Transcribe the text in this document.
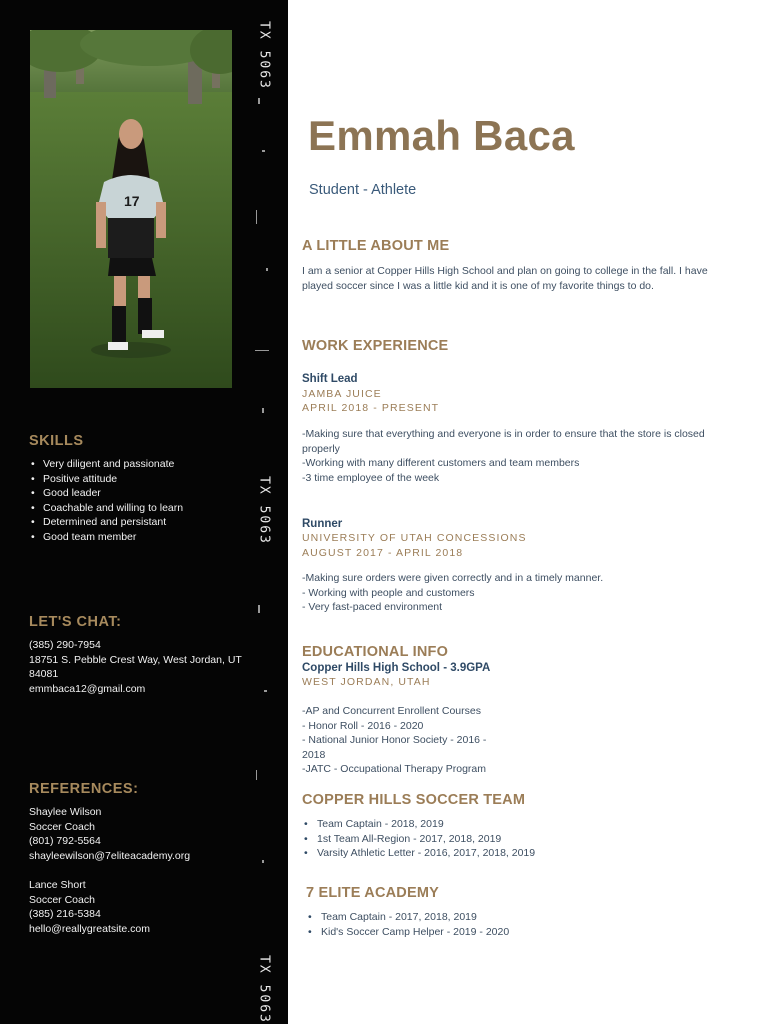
TX 5063
TX 5063
TX 5063
17
SKILLS
• Very diligent and passionate
• Positive attitude
• Good leader
• Coachable and willing to learn
• Determined and persistant
• Good team member
LET'S CHAT:
(385) 290-7954
18751 S. Pebble Crest Way, West Jordan, UT
84081
emmbaca12@gmail.com
REFERENCES:
Shaylee Wilson
Soccer Coach
(801) 792-5564
shayleewilson@7eliteacademy.org
Lance Short
Soccer Coach
(385) 216-5384
hello@reallygreatsite.com
Emmah Baca
Student - Athlete
A LITTLE ABOUT ME
I am a senior at Copper Hills High School and plan on going to college in the fall. I have played soccer since I was a little kid and it is one of my favorite things to do.
WORK EXPERIENCE
Shift Lead
JAMBA JUICE
APRIL 2018 - PRESENT
-Making sure that everything and everyone is in order to ensure that the store is closed properly
-Working with many different customers and team members
-3 time employee of the week
Runner
UNIVERSITY OF UTAH CONCESSIONS
AUGUST 2017 - APRIL 2018
-Making sure orders were given correctly and in a timely manner.
- Working with people and customers
- Very fast-paced environment
EDUCATIONAL INFO
Copper Hills High School - 3.9GPA
WEST JORDAN, UTAH
-AP and Concurrent Enrollent Courses
- Honor Roll - 2016 - 2020
- National Junior Honor Society - 2016 -
2018
-JATC - Occupational Therapy Program
COPPER HILLS SOCCER TEAM
• Team Captain - 2018, 2019
• 1st Team All-Region - 2017, 2018, 2019
• Varsity Athletic Letter - 2016, 2017, 2018, 2019
7 ELITE ACADEMY
• Team Captain - 2017, 2018, 2019
• Kid's Soccer Camp Helper - 2019 - 2020
